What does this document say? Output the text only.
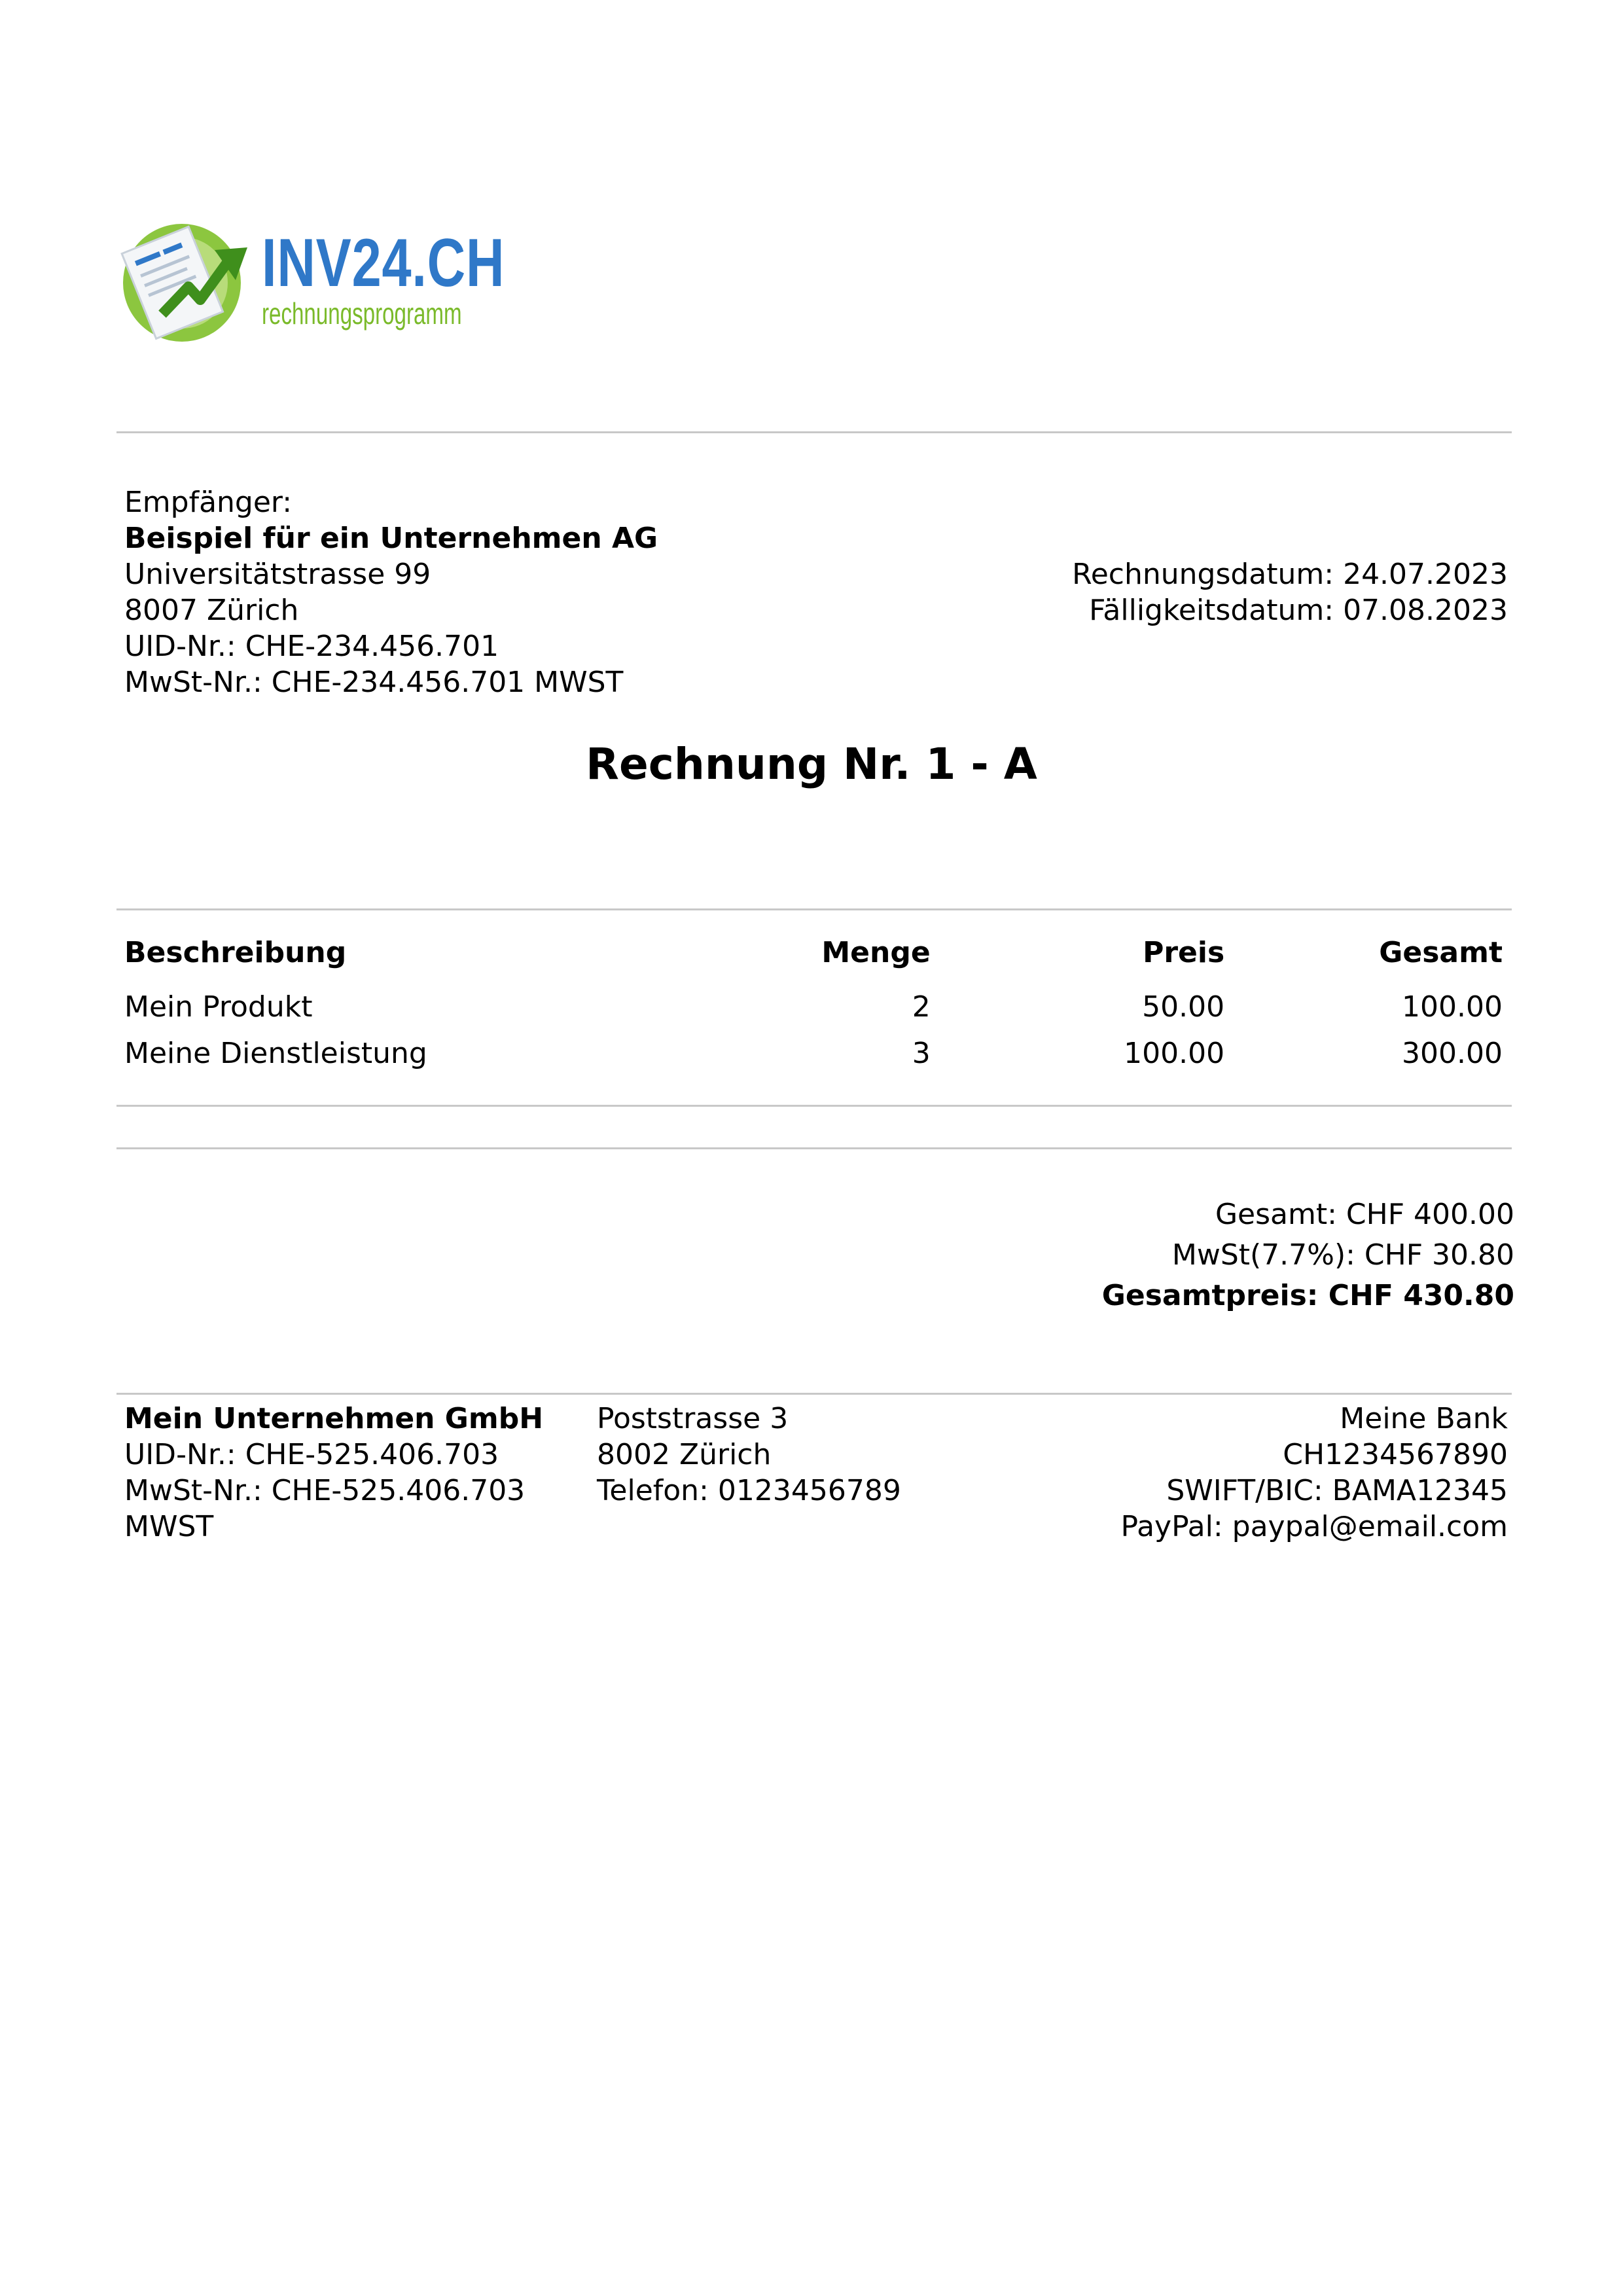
INV24.CH
rechnungsprogramm
Empfänger:
Beispiel für ein Unternehmen AG
Universitätstrasse 99
8007 Zürich
UID-Nr.: CHE-234.456.701
MwSt-Nr.: CHE-234.456.701 MWST
Rechnungsdatum: 24.07.2023
Fälligkeitsdatum: 07.08.2023
Rechnung Nr. 1 - A
Beschreibung	Menge	Preis	Gesamt
Mein Produkt	2	50.00	100.00
Meine Dienstleistung	3	100.00	300.00
Gesamt: CHF 400.00
MwSt(7.7%): CHF 30.80
Gesamtpreis: CHF 430.80
Mein Unternehmen GmbH
UID-Nr.: CHE-525.406.703
MwSt-Nr.: CHE-525.406.703
MWST
Poststrasse 3
8002 Zürich
Telefon: 0123456789
Meine Bank
CH1234567890
SWIFT/BIC: BAMA12345
PayPal: paypal@email.com
